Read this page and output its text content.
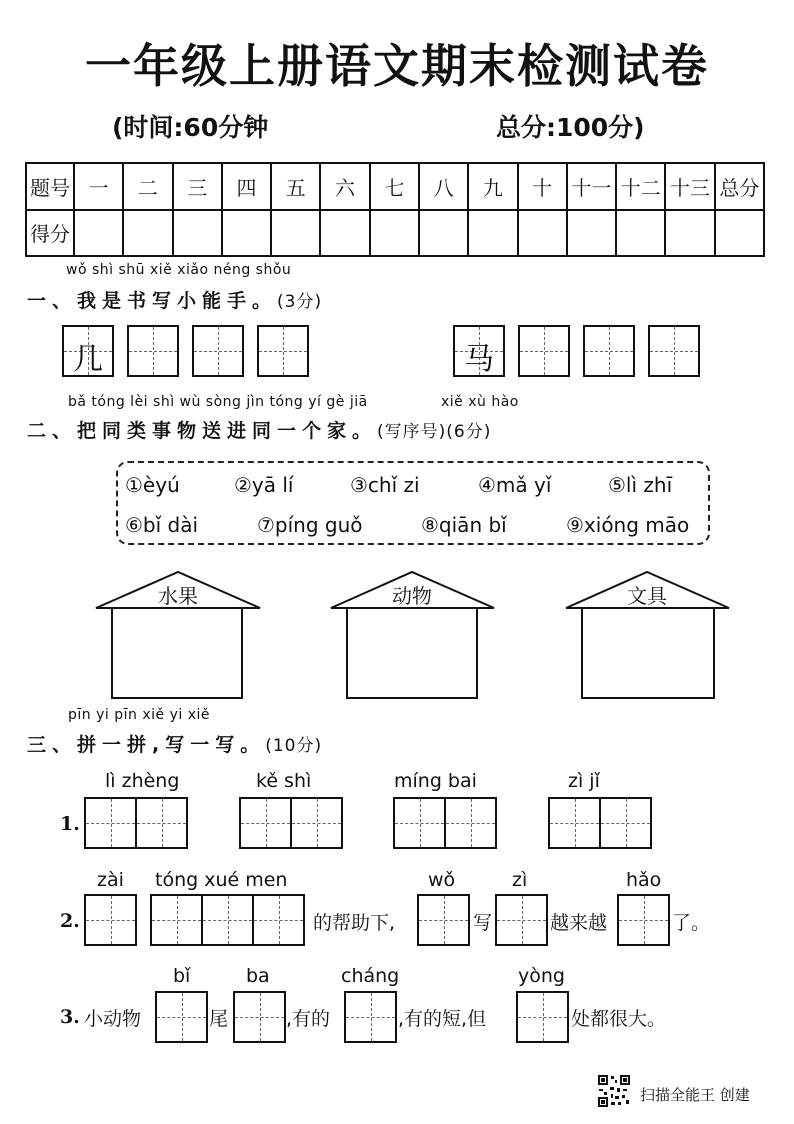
一年级上册语文期末检测试卷
(时间:60分钟	总分:100分)
题号	一	二	三	四	五	六	七	八	九	十	十一	十二	十三	总分
得分														
wǒ shì shū xiě xiǎo néng shǒu
一、我是书写小能手。(3分)
几	马
bǎ tóng lèi shì wù sòng jìn tóng yí gè jiā	xiě xù hào
二、把同类事物送进同一个家。(写序号)(6分)
①èyú	②yā lí	③chǐ zi	④mǎ yǐ	⑤lì zhī
⑥bǐ dài	⑦píng guǒ	⑧qiān bǐ	⑨xióng māo
水果	动物	文具
pīn yi pīn xiě yi xiě
三、拼一拼,写一写。(10分)
1.
lì zhèng	kě shì	míng bai	zì jǐ
2.
zài tóng xué men
的帮助下,
wǒ
写
zì
越来越
hǎo
了。
3. 小动物
bǐ
尾
ba
,有的
cháng
,有的短,但
yòng
处都很大。
扫描全能王 创建
